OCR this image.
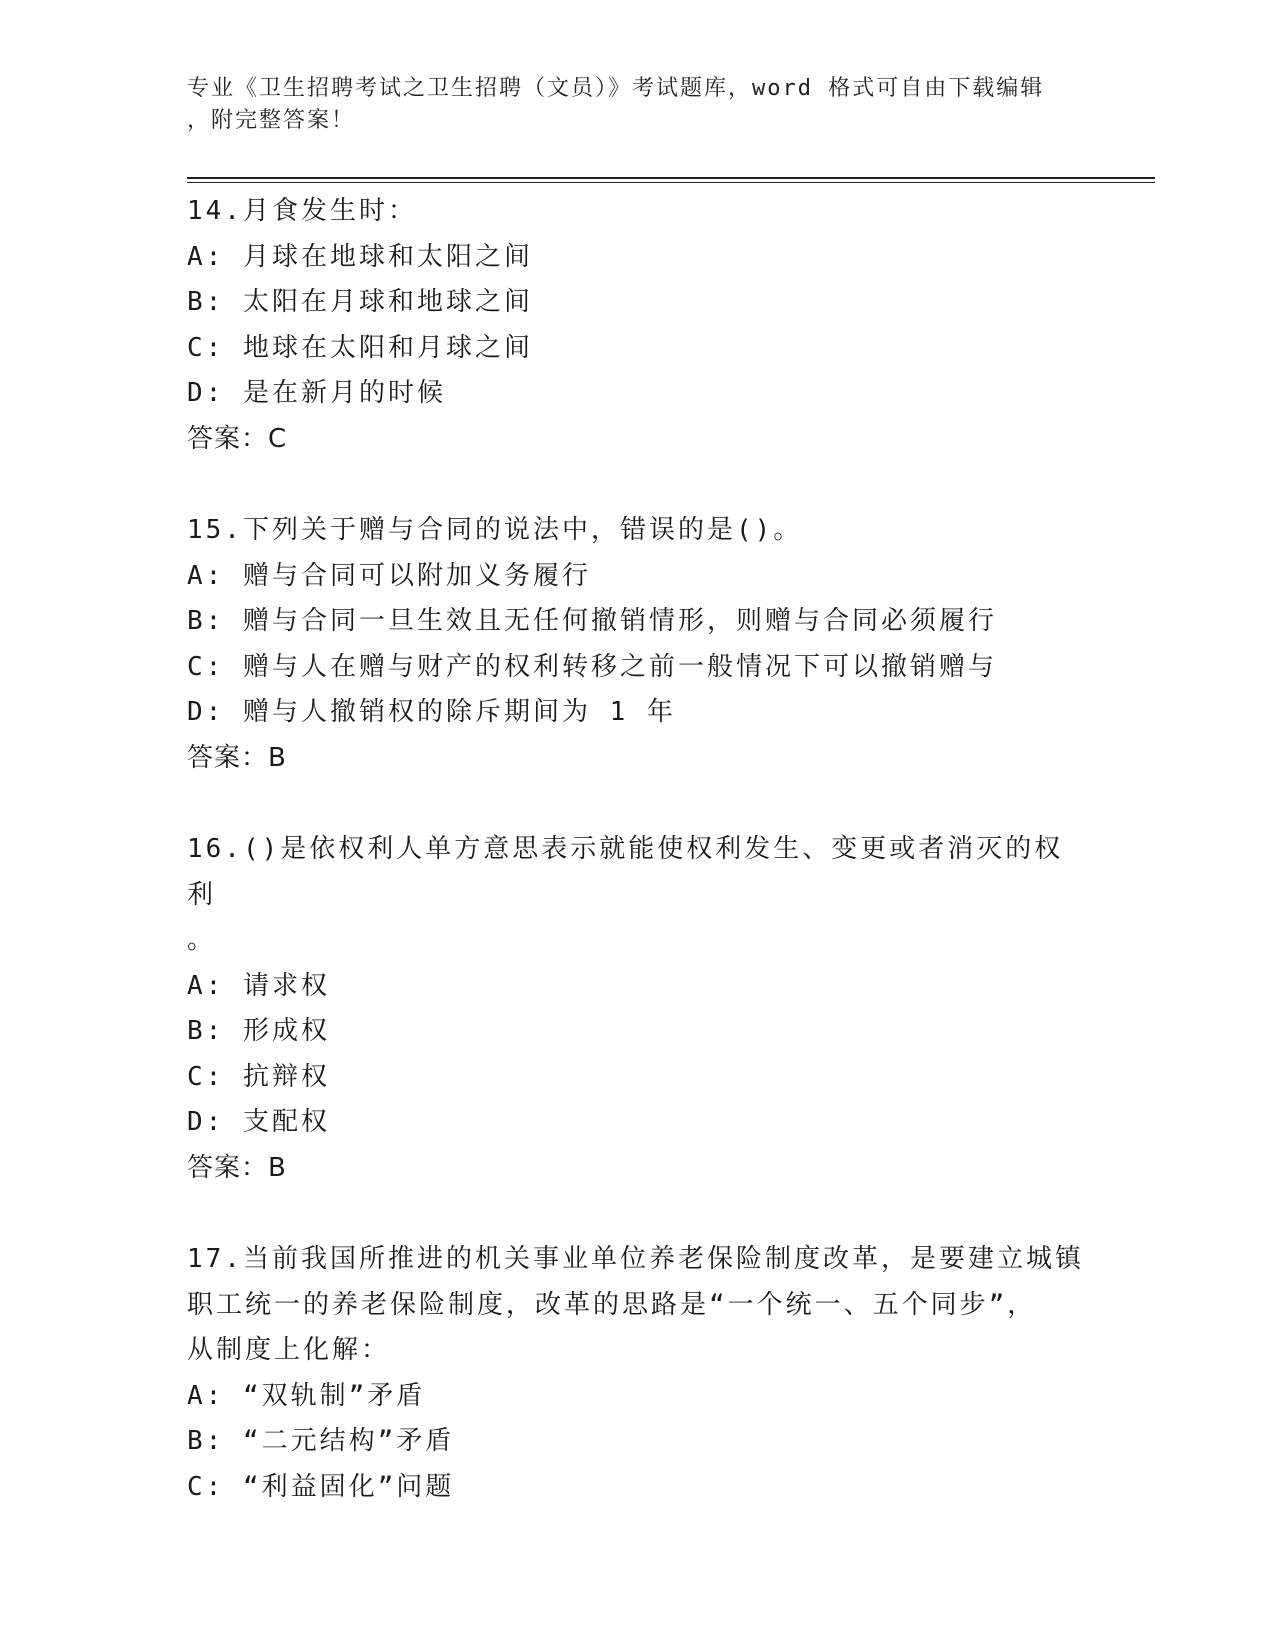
专业《卫生招聘考试之卫生招聘（文员）》考试题库，word 格式可自由下载编辑
，附完整答案！

14.月食发生时：

A: 月球在地球和太阳之间

B: 太阳在月球和地球之间

C: 地球在太阳和月球之间

D: 是在新月的时候

答案：C

15.下列关于赠与合同的说法中，错误的是()。

A: 赠与合同可以附加义务履行

B: 赠与合同一旦生效且无任何撤销情形，则赠与合同必须履行

C: 赠与人在赠与财产的权利转移之前一般情况下可以撤销赠与

D: 赠与人撤销权的除斥期间为 1 年

答案：B

16.()是依权利人单方意思表示就能使权利发生、变更或者消灭的权利

。

A: 请求权

B: 形成权

C: 抗辩权

D: 支配权

答案：B

17.当前我国所推进的机关事业单位养老保险制度改革，是要建立城镇

职工统一的养老保险制度，改革的思路是“一个统一、五个同步”，

从制度上化解：

A: “双轨制”矛盾

B: “二元结构”矛盾

C: “利益固化”问题
